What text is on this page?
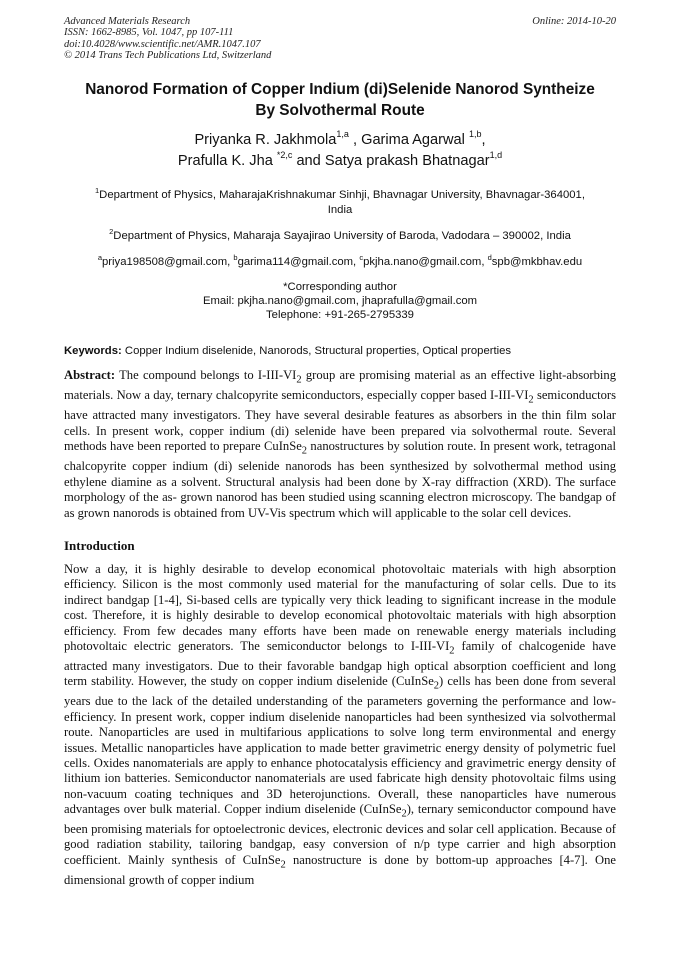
Advanced Materials Research
ISSN: 1662-8985, Vol. 1047, pp 107-111
doi:10.4028/www.scientific.net/AMR.1047.107
© 2014 Trans Tech Publications Ltd, Switzerland
Online: 2014-10-20
Nanorod Formation of Copper Indium (di)Selenide Nanorod Syntheize
By Solvothermal Route
Priyanka R. Jakhmola$^{1,a}$ , Garima Agarwal $^{1,b}$,
Prafulla K. Jha $^{*2,c}$ and Satya prakash Bhatnagar$^{1,d}$
$^1$Department of Physics, MaharajaKrishnakumar Sinhji, Bhavnagar University, Bhavnagar-364001,
India
$^2$Department of Physics, Maharaja Sayajirao University of Baroda, Vadodara – 390002, India
$^a$priya198508@gmail.com, $^b$garima114@gmail.com, $^c$pkjha.nano@gmail.com, $^d$spb@mkbhav.edu
*Corresponding author
Email: pkjha.nano@gmail.com, jhaprafulla@gmail.com
Telephone: +91-265-2795339
Keywords: Copper Indium diselenide, Nanorods, Structural properties, Optical properties
Abstract: The compound belongs to $I-III-VI_2$ group are promising material as an effective light-absorbing materials. Now a day, ternary chalcopyrite semiconductors, especially copper based $I-III-VI_2$ semiconductors have attracted many investigators. They have several desirable features as absorbers in the thin film solar cells. In present work, copper indium (di) selenide have been prepared via solvothermal route. Several methods have been reported to prepare CuInSe$_2$ nanostructures by solution route. In present work, tetragonal chalcopyrite copper indium (di) selenide nanorods has been synthesized by solvothermal method using ethylene diamine as a solvent. Structural analysis had been done by X-ray diffraction (XRD). The surface morphology of the as- grown nanorod has been studied using scanning electron microscopy. The bandgap of as grown nanorods is obtained from UV-Vis spectrum which will applicable to the solar cell devices.
Introduction
Now a day, it is highly desirable to develop economical photovoltaic materials with high absorption efficiency. Silicon is the most commonly used material for the manufacturing of solar cells. Due to its indirect bandgap [1-4], Si-based cells are typically very thick leading to significant increase in the module cost. Therefore, it is highly desirable to develop economical photovoltaic materials with high absorption efficiency. From few decades many efforts have been made on renewable energy materials including photovoltaic electric generators. The semiconductor belongs to $I-III-VI_2$ family of chalcogenide have attracted many investigators. Due to their favorable bandgap high optical absorption coefficient and long term stability. However, the study on copper indium diselenide (CuInSe$_2$) cells has been done from several years due to the lack of the detailed understanding of the parameters governing the performance and low-efficiency. In present work, copper indium diselenide nanoparticles had been synthesized via solvothermal route. Nanoparticles are used in multifarious applications to solve long term environmental and energy issues. Metallic nanoparticles have application to made better gravimetric energy density of polymetric fuel cells. Oxides nanomaterials are apply to enhance photocatalysis efficiency and gravimetric energy density of lithium ion batteries. Semiconductor nanomaterials are used fabricate high density photovoltaic films using non-vacuum coating techniques and 3D heterojunctions. Overall, these nanoparticles have numerous advantages over bulk material. Copper indium diselenide (CuInSe$_2$), ternary semiconductor compound have been promising materials for optoelectronic devices, electronic devices and solar cell application. Because of good radiation stability, tailoring bandgap, easy conversion of n/p type carrier and high absorption coefficient. Mainly synthesis of CuInSe$_2$ nanostructure is done by bottom-up approaches [4-7]. One dimensional growth of copper indium
